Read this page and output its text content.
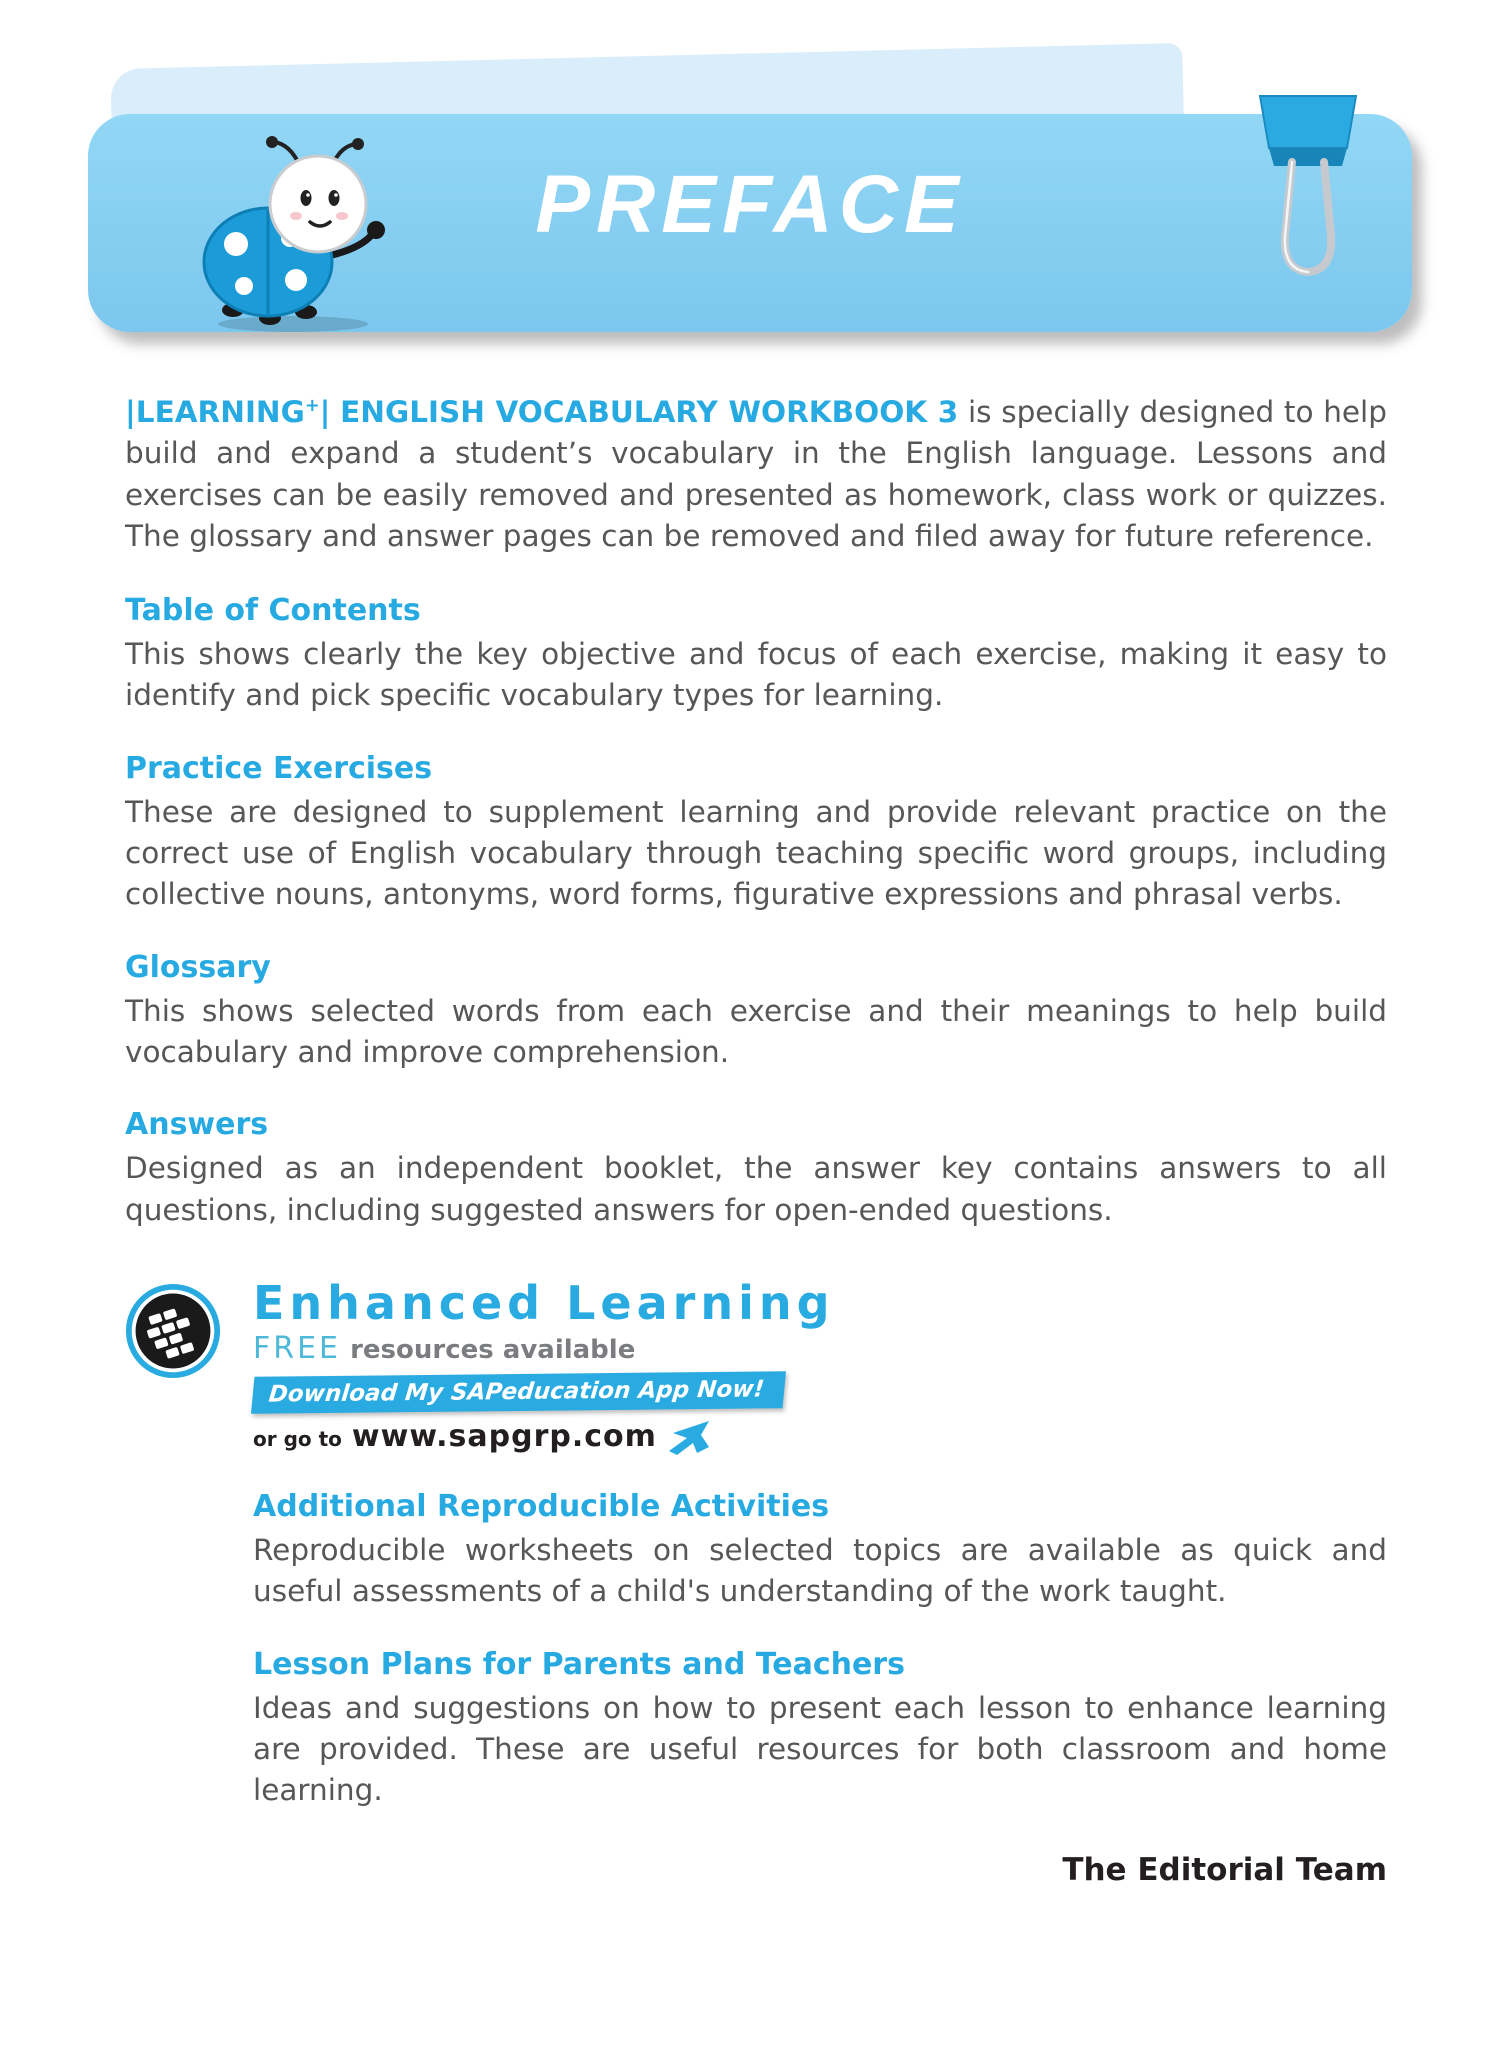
PREFACE

|LEARNING+| ENGLISH VOCABULARY WORKBOOK 3 is specially designed to help build and expand a student’s vocabulary in the English language. Lessons and exercises can be easily removed and presented as homework, class work or quizzes. The glossary and answer pages can be removed and filed away for future reference.

Table of Contents

This shows clearly the key objective and focus of each exercise, making it easy to identify and pick specific vocabulary types for learning.

Practice Exercises

These are designed to supplement learning and provide relevant practice on the correct use of English vocabulary through teaching specific word groups, including collective nouns, antonyms, word forms, figurative expressions and phrasal verbs.

Glossary

This shows selected words from each exercise and their meanings to help build vocabulary and improve comprehension.

Answers

Designed as an independent booklet, the answer key contains answers to all questions, including suggested answers for open-ended questions.

Enhanced Learning
FREE resources available
Download My SAPeducation App Now!
or go to www.sapgrp.com
Additional Reproducible Activities

Reproducible worksheets on selected topics are available as quick and useful assessments of a child's understanding of the work taught.

Lesson Plans for Parents and Teachers

Ideas and suggestions on how to present each lesson to enhance learning are provided. These are useful resources for both classroom and home learning.

The Editorial Team
